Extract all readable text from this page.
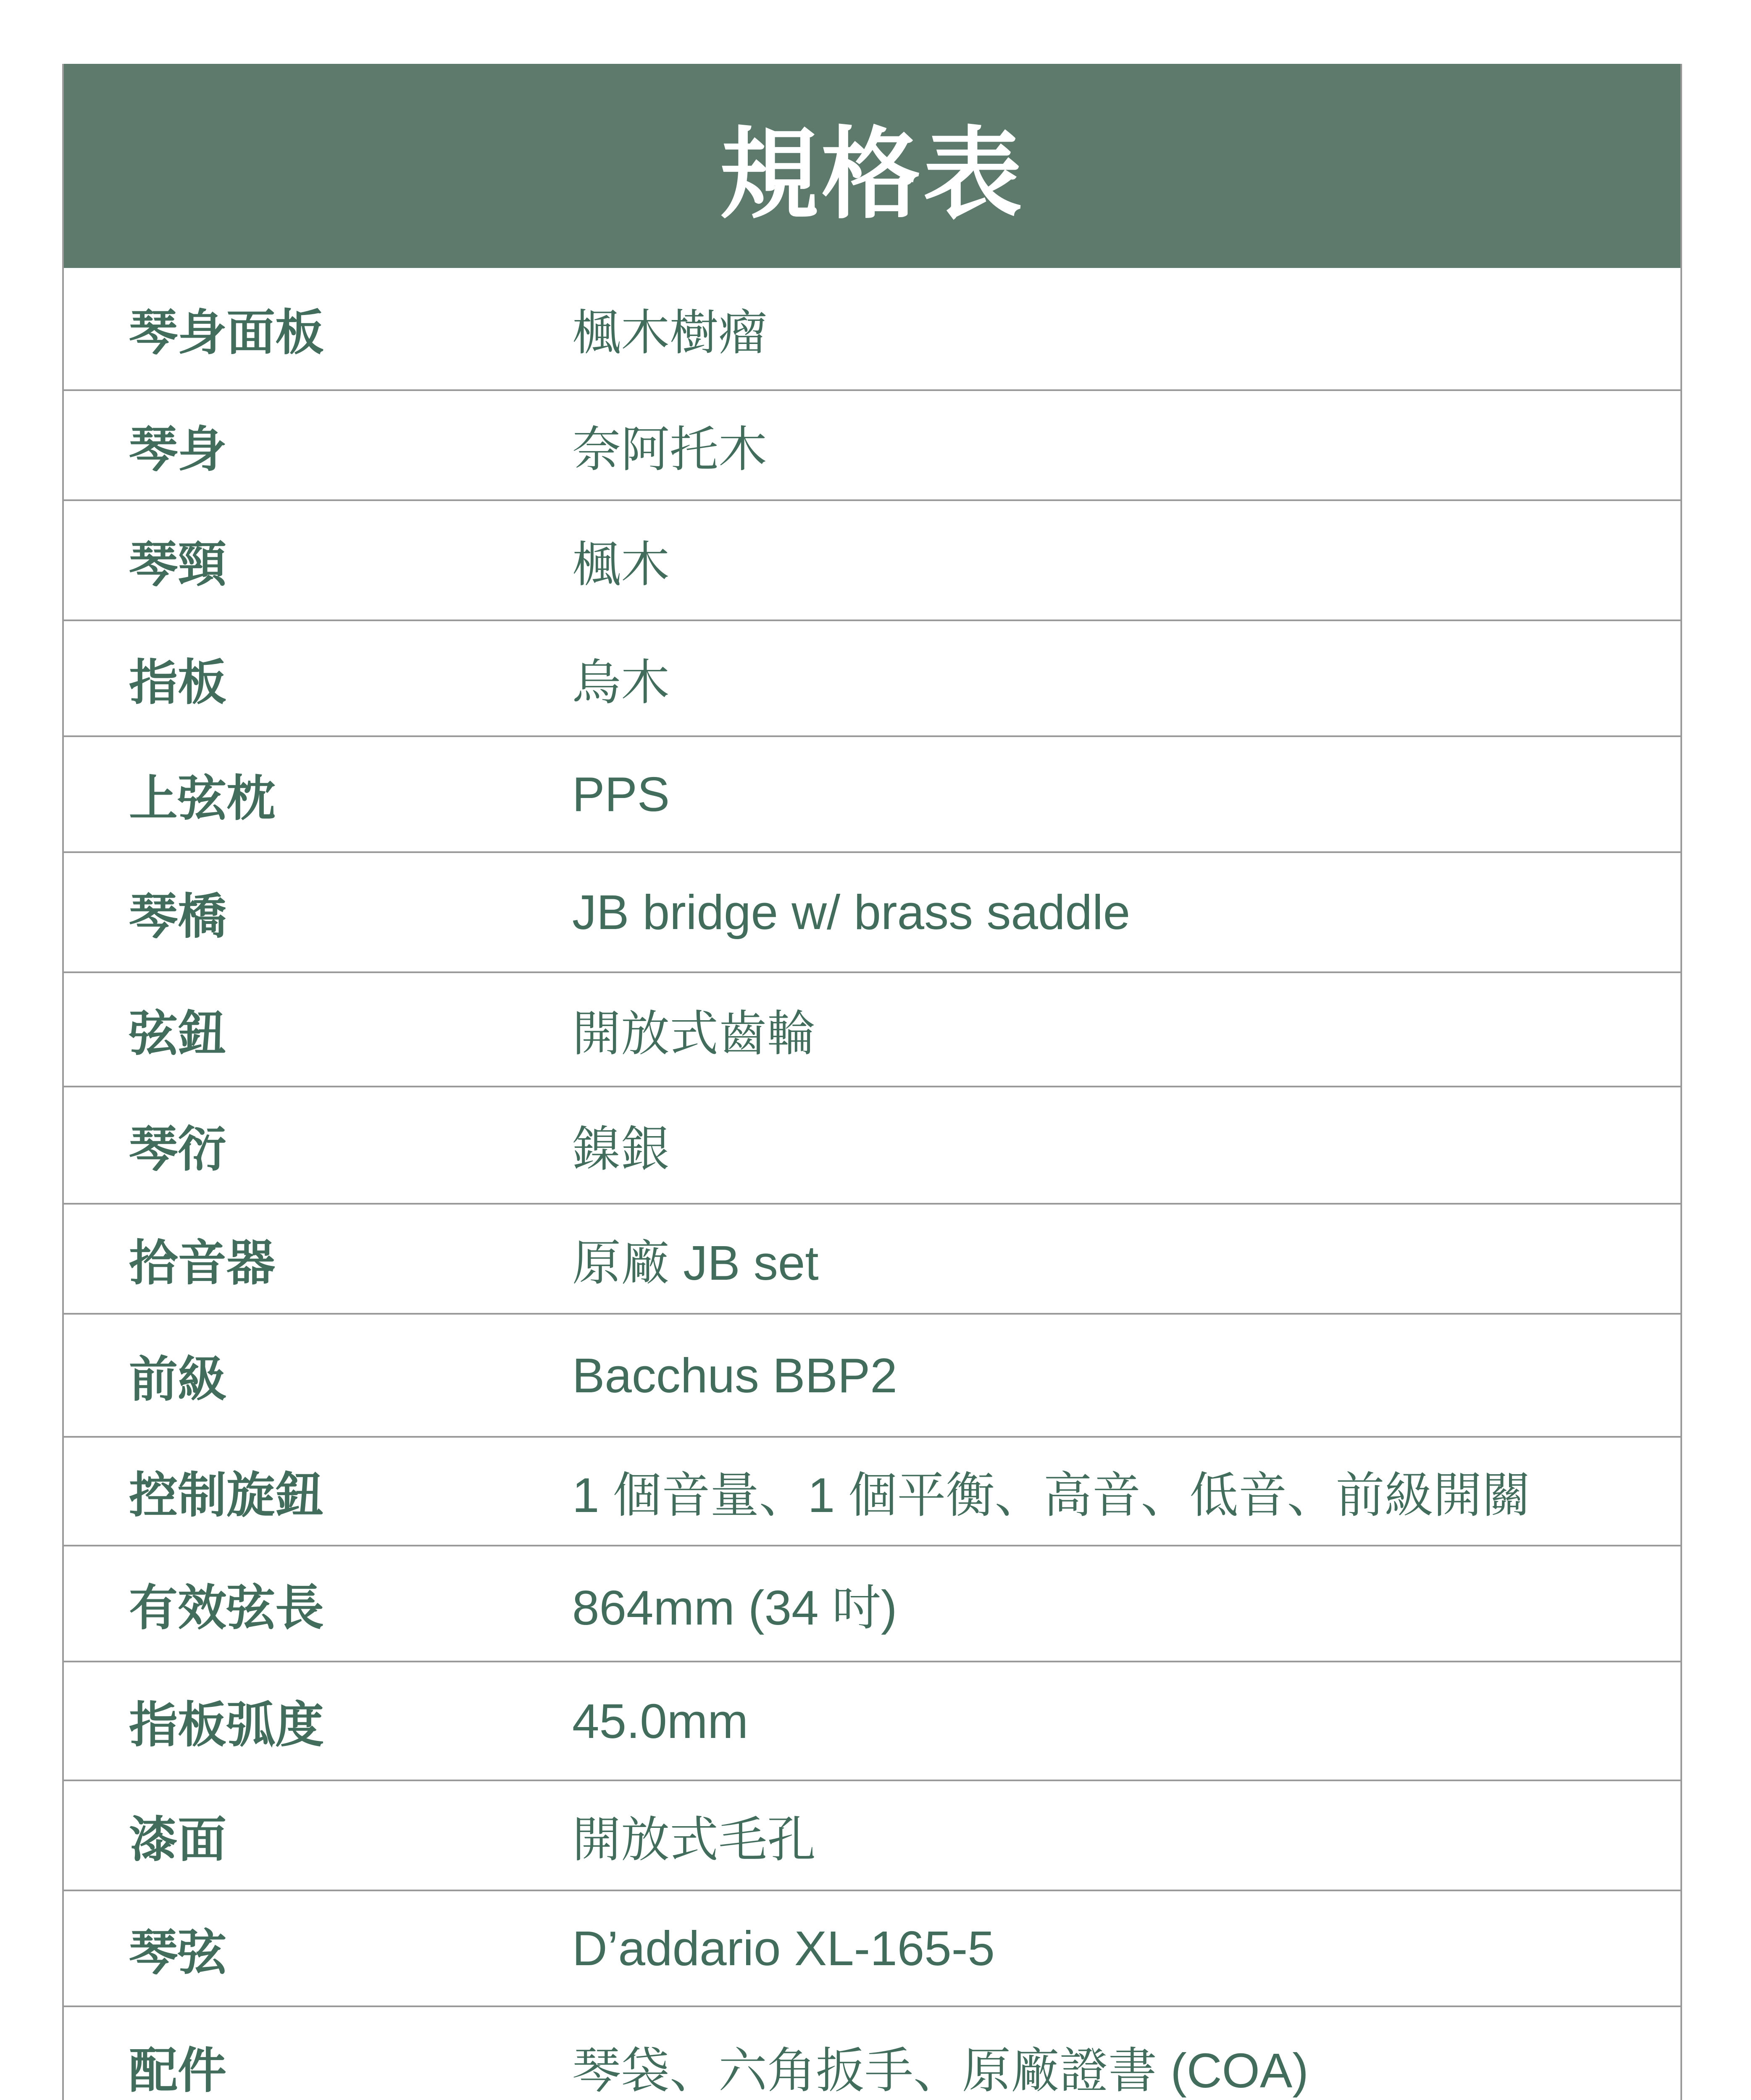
規格表
琴身面板	楓木樹瘤
琴身	奈阿托木
琴頸	楓木
指板	烏木
上弦枕	PPS
琴橋	JB bridge w/ brass saddle
弦鈕	開放式齒輪
琴衍	鎳銀
拾音器	原廠 JB set
前級	Bacchus BBP2
控制旋鈕	1 個音量、1 個平衡、高音、低音、前級開關
有效弦長	864mm (34 吋)
指板弧度	45.0mm
漆面	開放式毛孔
琴弦	D’addario XL-165-5
配件	琴袋、六角扳手、原廠證書 (COA)
